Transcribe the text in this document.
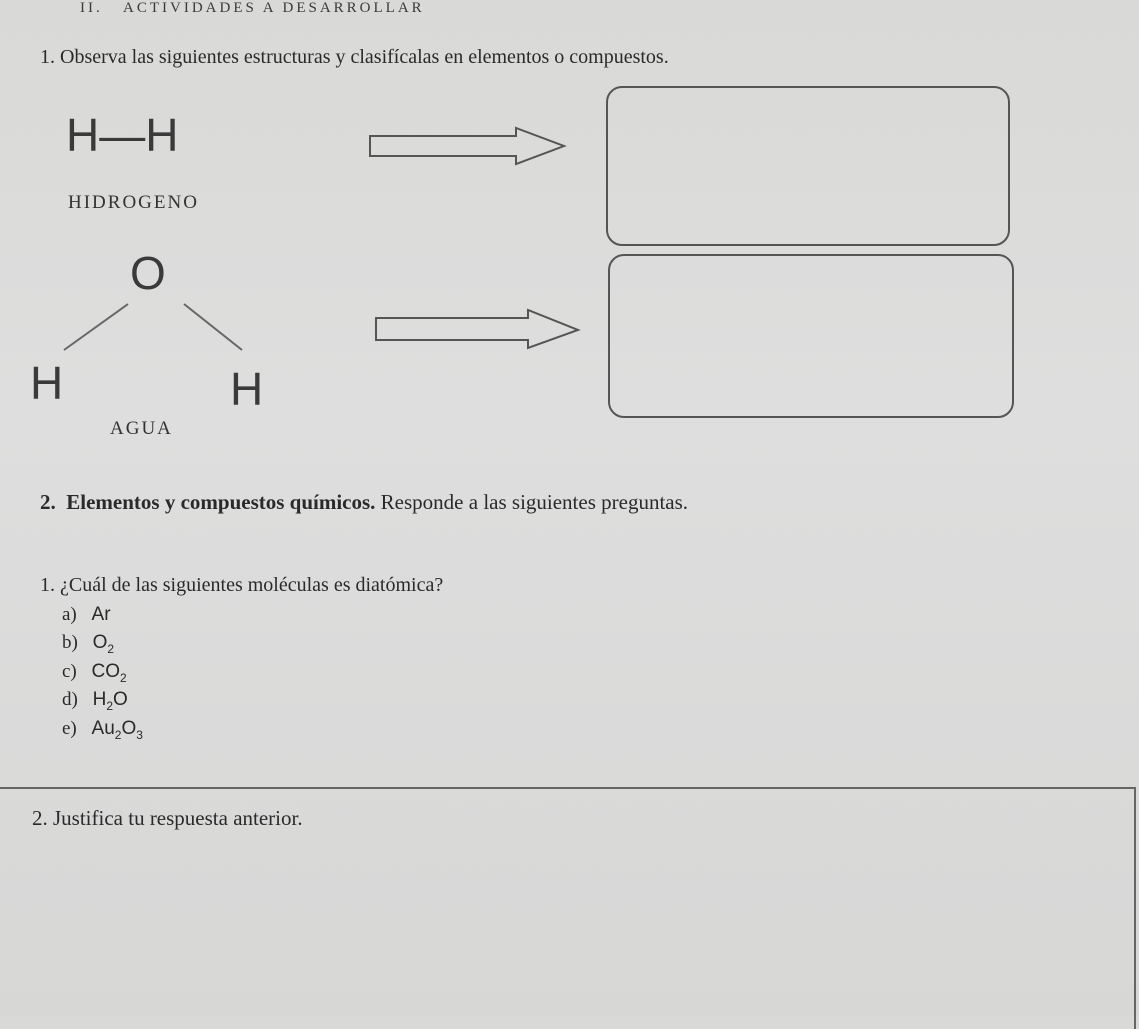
II. ACTIVIDADES A DESARROLLAR
1. Observa las siguientes estructuras y clasifícalas en elementos o compuestos.
H—H
HIDROGENO
O
H	H
AGUA
2. Elementos y compuestos químicos. Responde a las siguientes preguntas.
1. ¿Cuál de las siguientes moléculas es diatómica?
a) Ar
b) $O_2$
c) $CO_2$
d) $H_2O$
e) $Au_2O_3$
2. Justifica tu respuesta anterior.
